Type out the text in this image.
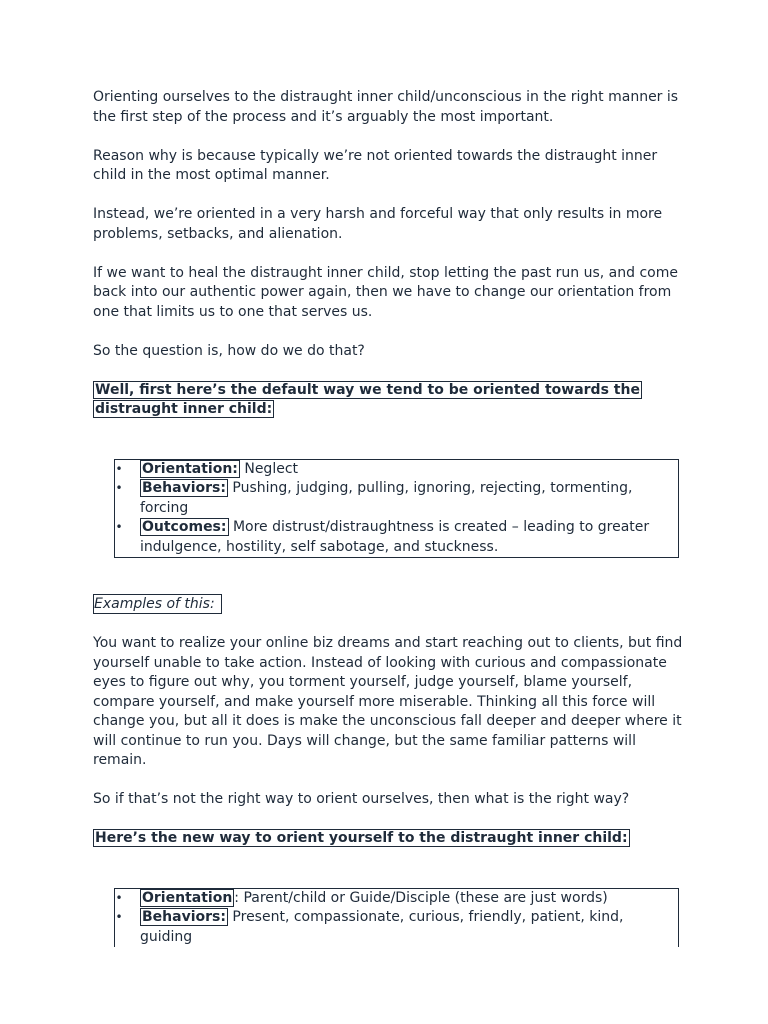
Orienting ourselves to the distraught inner child/unconscious in the right manner is the first step of the process and it’s arguably the most important.

Reason why is because typically we’re not oriented towards the distraught inner child in the most optimal manner.

Instead, we’re oriented in a very harsh and forceful way that only results in more problems, setbacks, and alienation.

If we want to heal the distraught inner child, stop letting the past run us, and come back into our authentic power again, then we have to change our orientation from one that limits us to one that serves us.

So the question is, how do we do that?

Well, first here’s the default way we tend to be oriented towards the distraught inner child:

• Orientation: Neglect
• Behaviors: Pushing, judging, pulling, ignoring, rejecting, tormenting, forcing
• Outcomes: More distrust/distraughtness is created – leading to greater indulgence, hostility, self sabotage, and stuckness.

Examples of this:

You want to realize your online biz dreams and start reaching out to clients, but find yourself unable to take action. Instead of looking with curious and compassionate eyes to figure out why, you torment yourself, judge yourself, blame yourself, compare yourself, and make yourself more miserable. Thinking all this force will change you, but all it does is make the unconscious fall deeper and deeper where it will continue to run you. Days will change, but the same familiar patterns will remain.

So if that’s not the right way to orient ourselves, then what is the right way?

Here’s the new way to orient yourself to the distraught inner child:

• Orientation : Parent/child or Guide/Disciple (these are just words)
• Behaviors: Present, compassionate, curious, friendly, patient, kind, guiding
